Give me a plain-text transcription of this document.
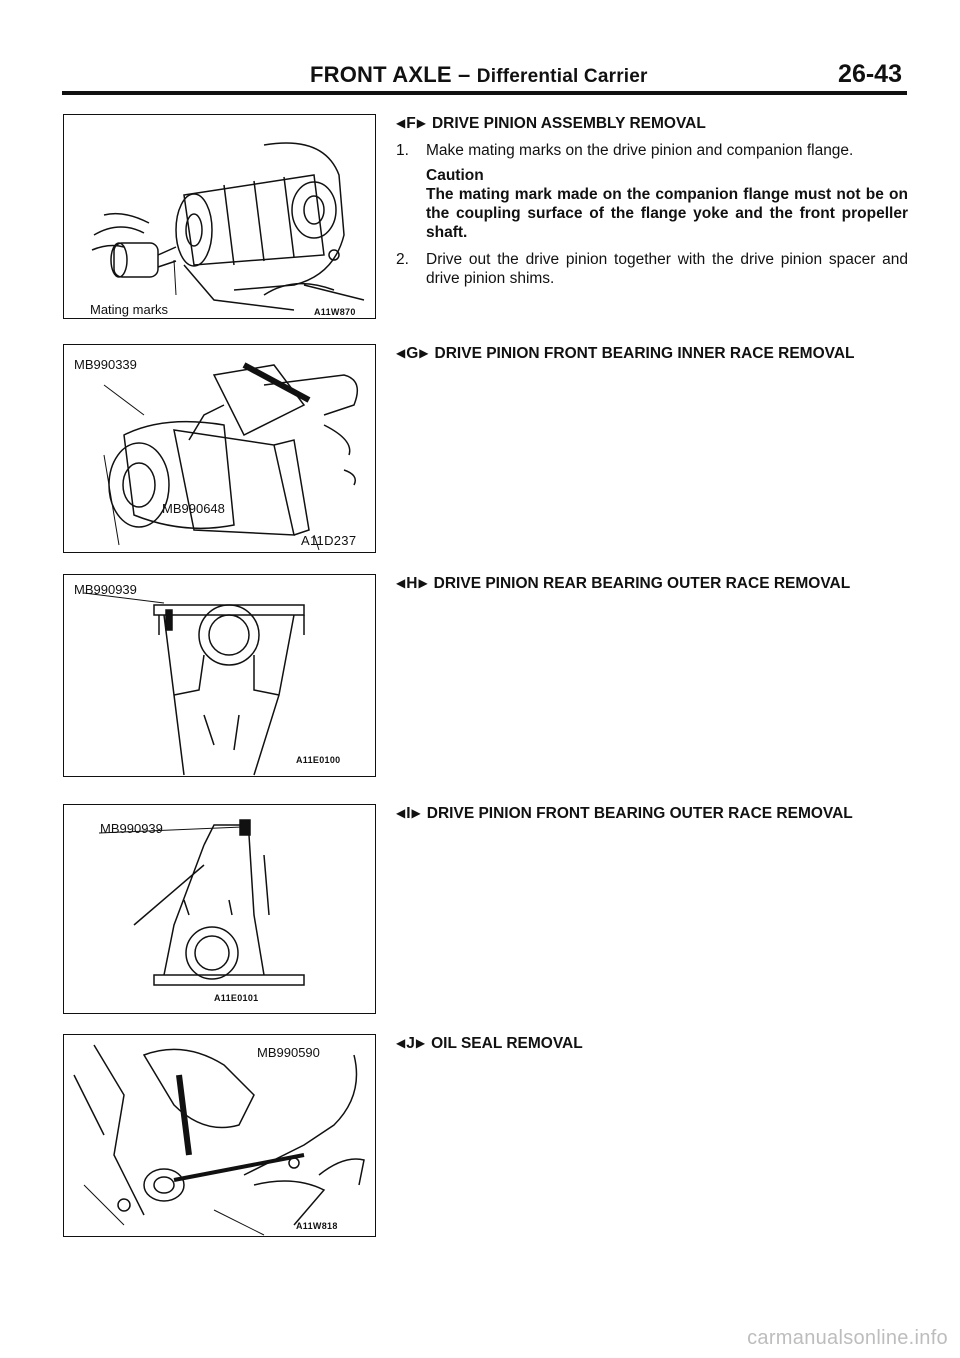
FRONT AXLE – Differential Carrier	26-43
Mating marks	A11W870
MB990339
MB990648
A11D237
MB990939
A11E0100
MB990939
A11E0101
MB990590
A11W818
◀ F ▶ DRIVE PINION ASSEMBLY REMOVAL
1.	Make mating marks on the drive pinion and companion flange.
Caution
The mating mark made on the companion flange must not be on the coupling surface of the flange yoke and the front propeller shaft.
2.	Drive out the drive pinion together with the drive pinion spacer and drive pinion shims.
◀ G ▶ DRIVE PINION FRONT BEARING INNER RACE REMOVAL
◀ H ▶ DRIVE PINION REAR BEARING OUTER RACE REMOVAL
◀ I ▶ DRIVE PINION FRONT BEARING OUTER RACE REMOVAL
◀ J ▶ OIL SEAL REMOVAL
carmanualsonline.info
